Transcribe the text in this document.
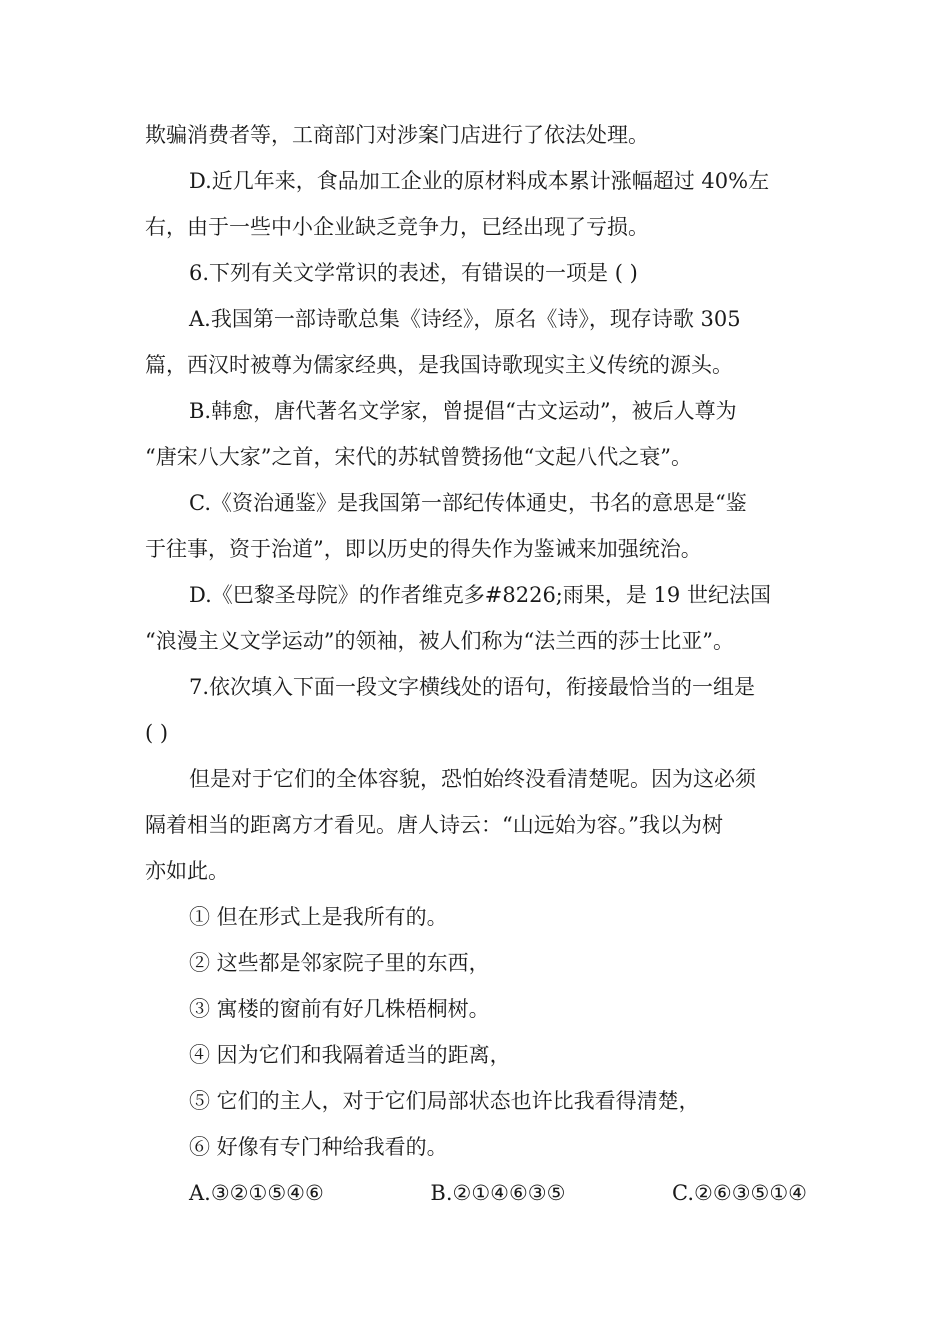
欺骗消费者等，工商部门对涉案门店进行了依法处理。
D.近几年来，食品加工企业的原材料成本累计涨幅超过 40%左
右，由于一些中小企业缺乏竞争力，已经出现了亏损。
6.下列有关文学常识的表述，有错误的一项是 ( )
A.我国第一部诗歌总集《诗经》，原名《诗》，现存诗歌 305
篇，西汉时被尊为儒家经典，是我国诗歌现实主义传统的源头。
B.韩愈，唐代著名文学家，曾提倡“古文运动”，被后人尊为
“唐宋八大家”之首，宋代的苏轼曾赞扬他“文起八代之衰”。
C.《资治通鉴》是我国第一部纪传体通史，书名的意思是“鉴
于往事，资于治道”，即以历史的得失作为鉴诫来加强统治。
D.《巴黎圣母院》的作者维克多#8226;雨果，是 19 世纪法国
“浪漫主义文学运动”的领袖，被人们称为“法兰西的莎士比亚”。
7.依次填入下面一段文字横线处的语句，衔接最恰当的一组是
( )
但是对于它们的全体容貌，恐怕始终没看清楚呢。因为这必须
隔着相当的距离方才看见。唐人诗云：“山远始为容。”我以为树
亦如此。
① 但在形式上是我所有的。
② 这些都是邻家院子里的东西，
③ 寓楼的窗前有好几株梧桐树。
④ 因为它们和我隔着适当的距离，
⑤ 它们的主人，对于它们局部状态也许比我看得清楚，
⑥ 好像有专门种给我看的。
A.③②①⑤④⑥	B.②①④⑥③⑤	C.②⑥③⑤①④
